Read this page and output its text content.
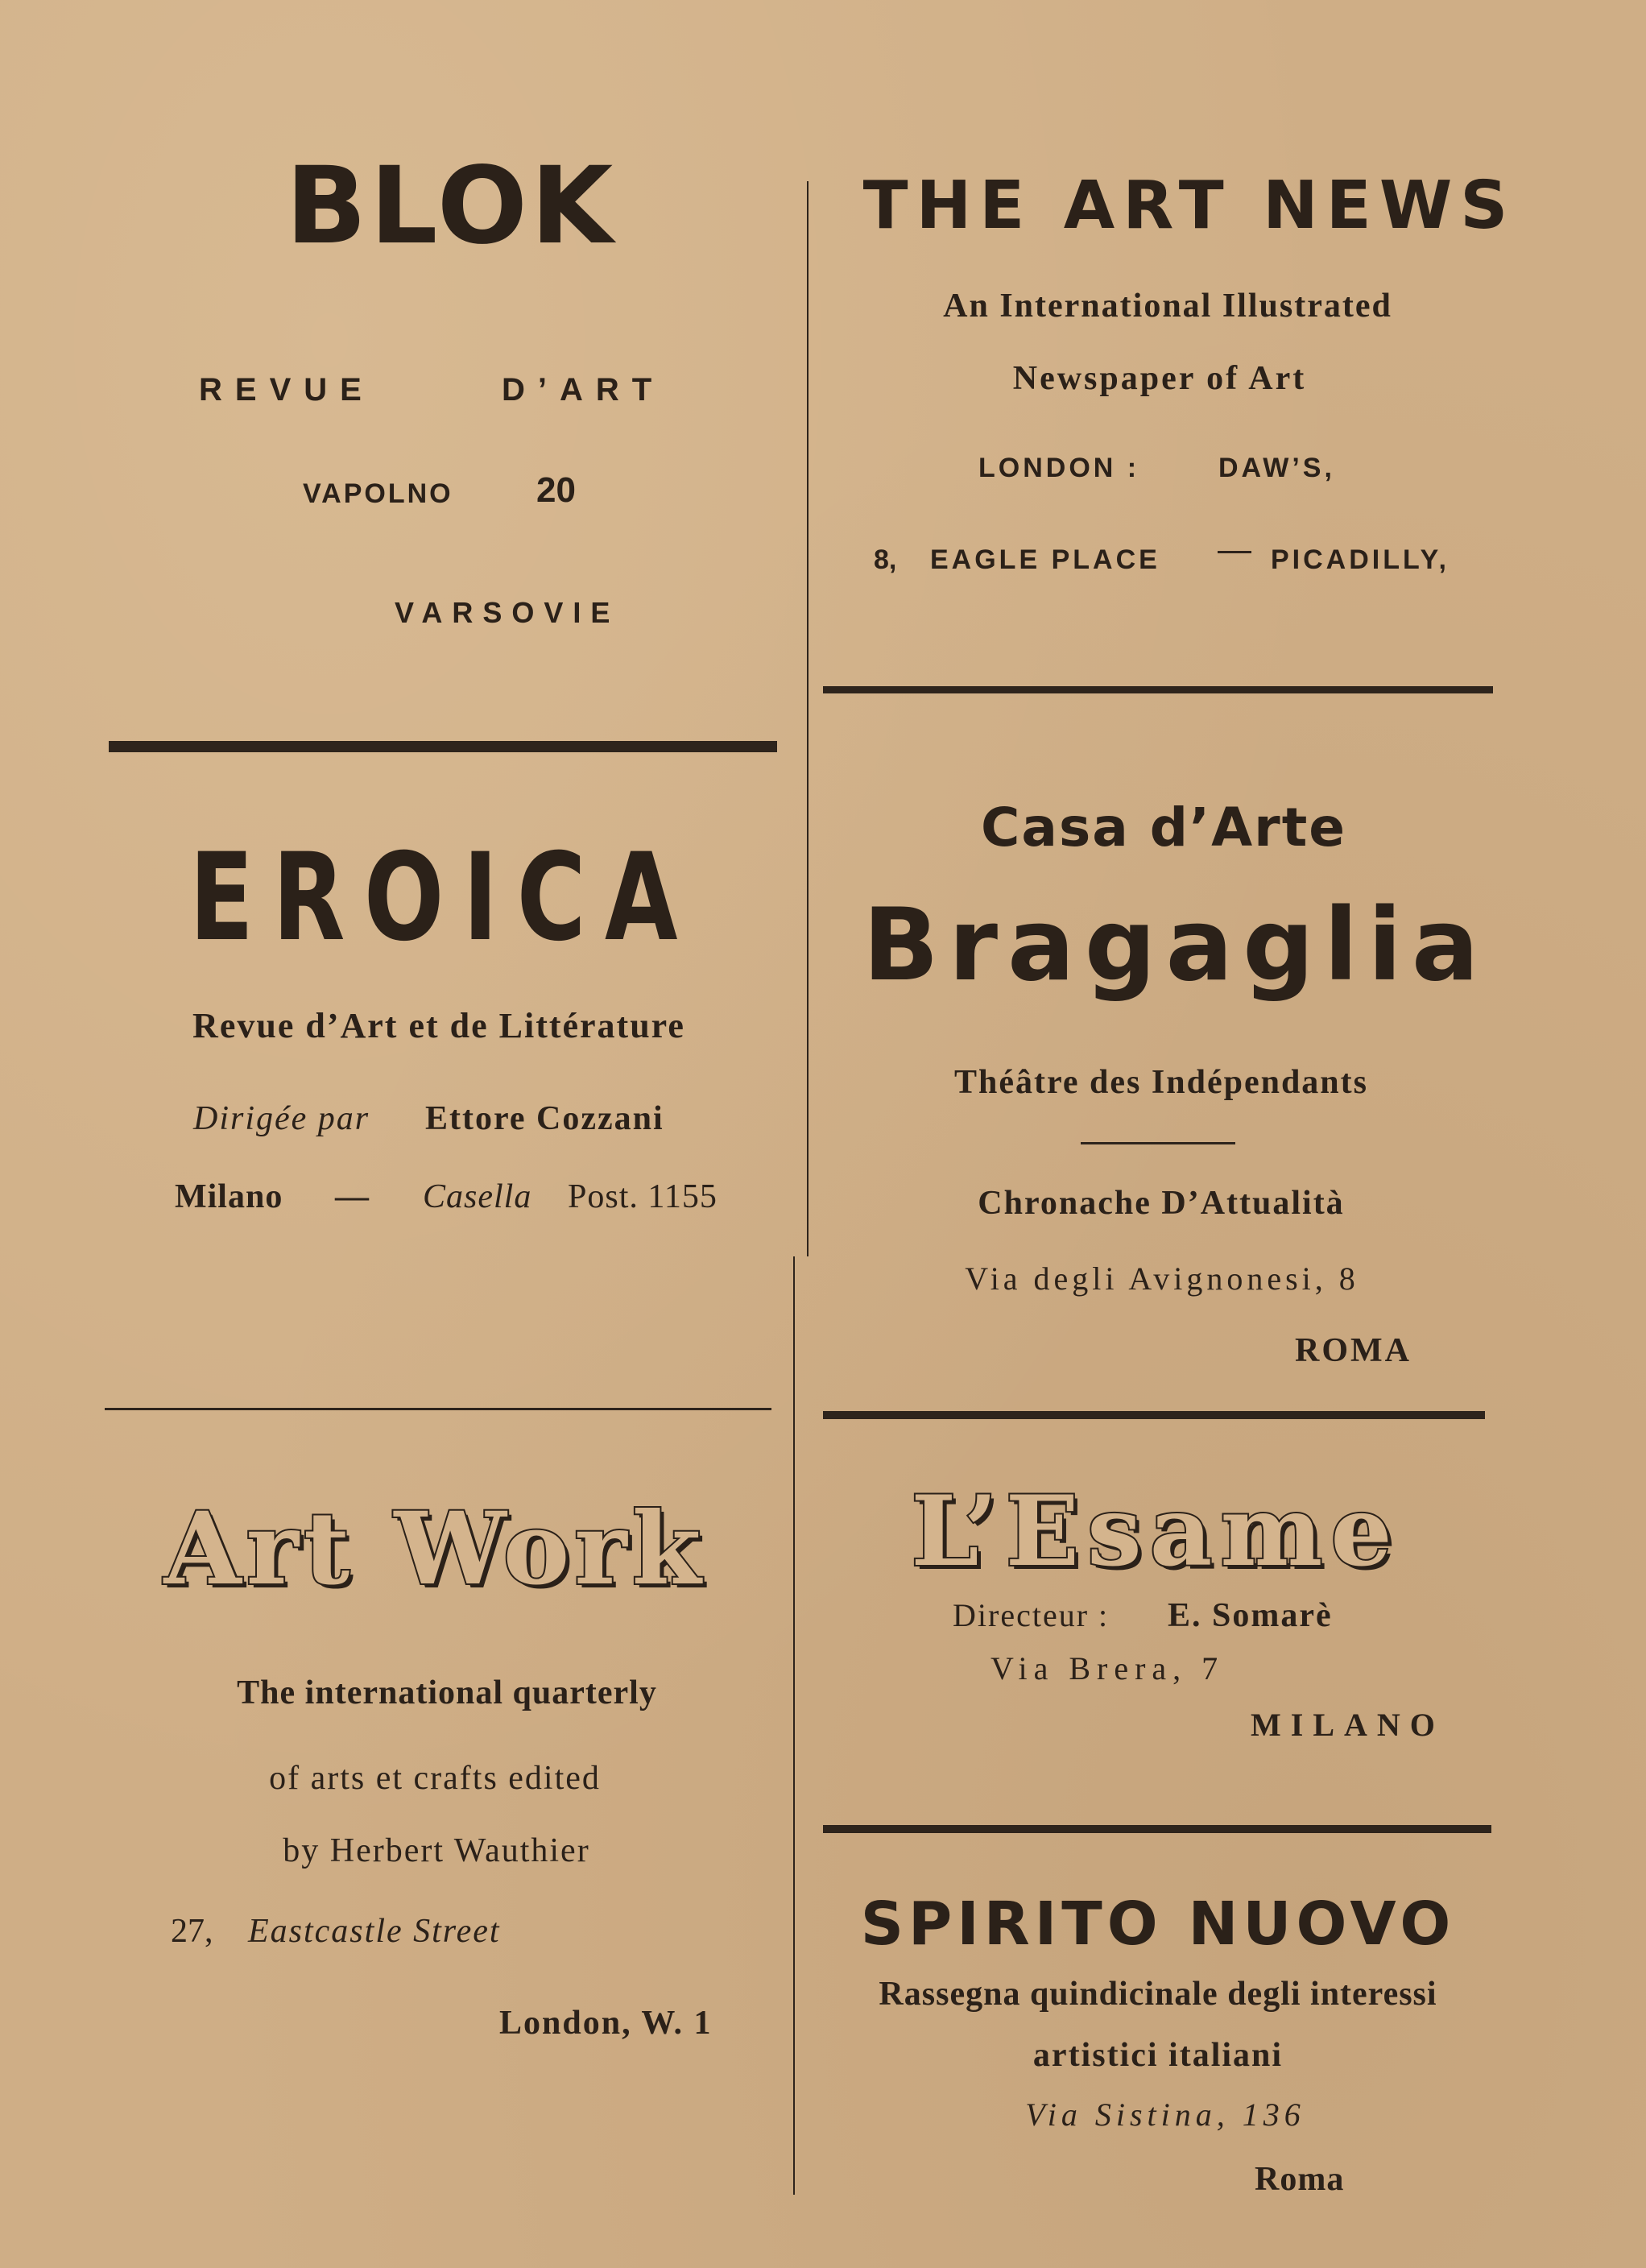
BLOK
REVUE	D’ART
VAPOLNO 20
VARSOVIE
THE ART NEWS
An International Illustrated
Newspaper of Art
LONDON :	DAW’S,
8, EAGLE PLACE	PICADILLY,
EROICA
Revue d’Art et de Littérature
Dirigée par Ettore Cozzani
Milano — Casella Post. 1155
Casa d’Arte
Bragaglia
Théâtre des Indépendants
Chronache D’Attualità
Via degli Avignonesi, 8
ROMA
Art Work
The international quarterly
of arts et crafts edited
by Herbert Wauthier
27, Eastcastle Street
London, W. 1
L’Esame
Directeur : E. Somarè
Via Brera, 7
MILANO
SPIRITO NUOVO
Rassegna quindicinale degli interessi
artistici italiani
Via Sistina, 136
Roma
